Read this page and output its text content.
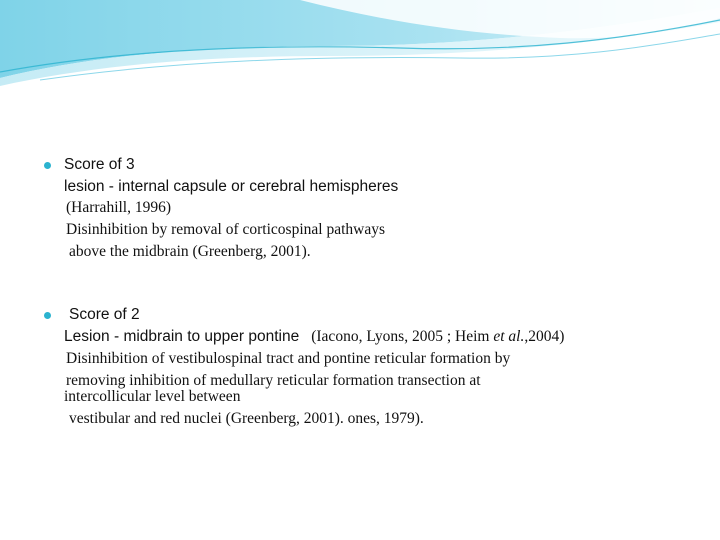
Score of 3
lesion - internal capsule or cerebral hemispheres
(Harrahill, 1996)
Disinhibition by removal of corticospinal pathways
above the midbrain (Greenberg, 2001).
Score of 2
Lesion - midbrain to upper pontine (Iacono, Lyons, 2005 ; Heim et al.,2004)
Disinhibition of vestibulospinal tract and pontine reticular formation by
removing inhibition of medullary reticular formation transection at
intercollicular level between
vestibular and red nuclei (Greenberg, 2001). ones, 1979).
